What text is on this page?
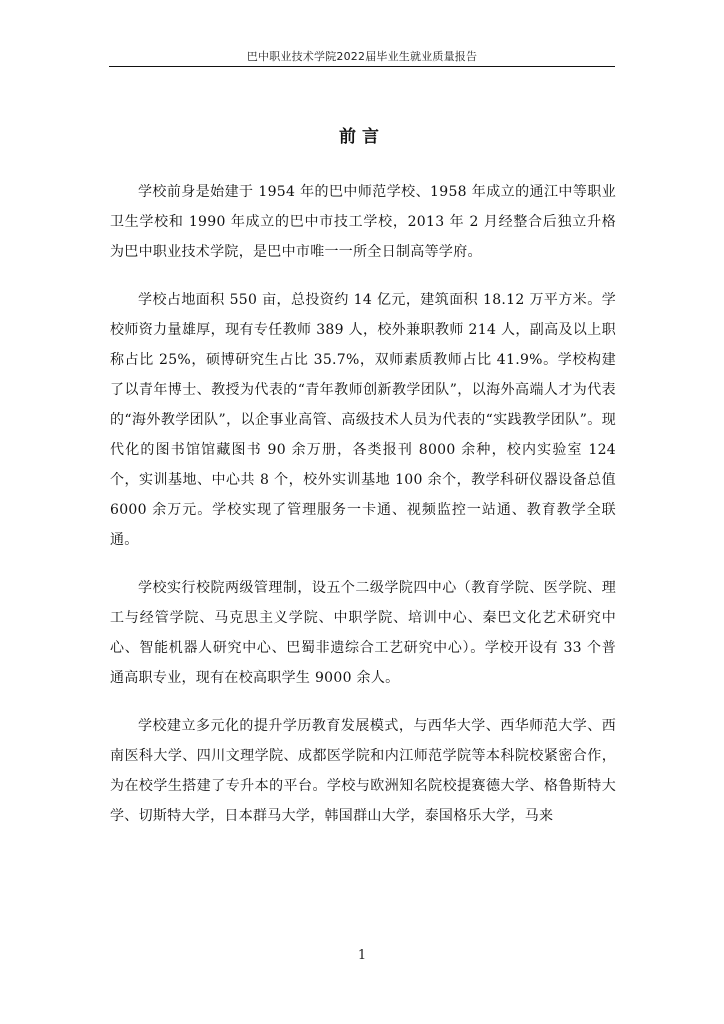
巴中职业技术学院2022届毕业生就业质量报告
前言

学校前身是始建于 1954 年的巴中师范学校、1958 年成立的通江中等职业卫生学校和 1990 年成立的巴中市技工学校，2013 年 2 月经整合后独立升格为巴中职业技术学院，是巴中市唯一一所全日制高等学府。

学校占地面积 550 亩，总投资约 14 亿元，建筑面积 18.12 万平方米。学校师资力量雄厚，现有专任教师 389 人，校外兼职教师 214 人，副高及以上职称占比 25%，硕博研究生占比 35.7%，双师素质教师占比 41.9%。学校构建了以青年博士、教授为代表的“青年教师创新教学团队”，以海外高端人才为代表的“海外教学团队”，以企事业高管、高级技术人员为代表的“实践教学团队”。现代化的图书馆馆藏图书 90 余万册，各类报刊 8000 余种，校内实验室 124 个，实训基地、中心共 8 个，校外实训基地 100 余个，教学科研仪器设备总值 6000 余万元。学校实现了管理服务一卡通、视频监控一站通、教育教学全联通。

学校实行校院两级管理制，设五个二级学院四中心（教育学院、医学院、理工与经管学院、马克思主义学院、中职学院、培训中心、秦巴文化艺术研究中心、智能机器人研究中心、巴蜀非遗综合工艺研究中心）。学校开设有 33 个普通高职专业，现有在校高职学生 9000 余人。

学校建立多元化的提升学历教育发展模式，与西华大学、西华师范大学、西南医科大学、四川文理学院、成都医学院和内江师范学院等本科院校紧密合作，为在校学生搭建了专升本的平台。学校与欧洲知名院校提赛德大学、格鲁斯特大学、切斯特大学，日本群马大学，韩国群山大学，泰国格乐大学，马来

1
